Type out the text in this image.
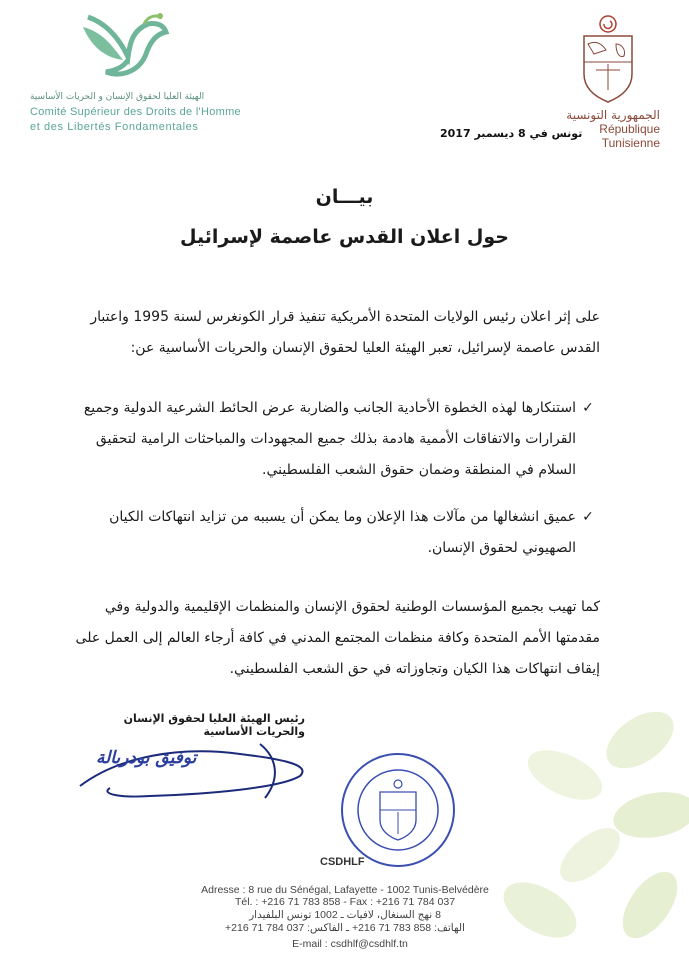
الهيئة العليا لحقوق الإنسان و الحريات الأساسية
Comité Supérieur des Droits de l'Homme
et des Libertés Fondamentales
الجمهورية التونسية
République Tunisienne
تونس في 8 ديسمبر 2017
بيـــان
حول اعلان القدس عاصمة لإسرائيل
على إثر اعلان رئيس الولايات المتحدة الأمريكية تنفيذ قرار الكونغرس لسنة 1995 واعتبار القدس عاصمة لإسرائيل، تعبر الهيئة العليا لحقوق الإنسان والحريات الأساسية عن:
✓
استنكارها لهذه الخطوة الأحادية الجانب والضاربة عرض الحائط الشرعية الدولية وجميع القرارات والاتفاقات الأممية هادمة بذلك جميع المجهودات والمباحثات الرامية لتحقيق السلام في المنطقة وضمان حقوق الشعب الفلسطيني.
✓
عميق انشغالها من مآلات هذا الإعلان وما يمكن أن يسببه من تزايد انتهاكات الكيان الصهيوني لحقوق الإنسان.
كما تهيب بجميع المؤسسات الوطنية لحقوق الإنسان والمنظمات الإقليمية والدولية وفي مقدمتها الأمم المتحدة وكافة منظمات المجتمع المدني في كافة أرجاء العالم إلى العمل على إيقاف انتهاكات هذا الكيان وتجاوزاته في حق الشعب الفلسطيني.
رئيس الهيئة العليا لحقوق الإنسان والحريات الأساسية
توفيق بودربالة
CSDHLF
Adresse : 8 rue du Sénégal, Lafayette - 1002 Tunis-Belvédère
Tél. : +216 71 783 858 - Fax : +216 71 784 037
8 نهج السنغال، لافيات ـ 1002 تونس البلفيدار
الهاتف: 858 783 71 216+ ـ الفاكس: 037 784 71 216+
E-mail : csdhlf@csdhlf.tn
